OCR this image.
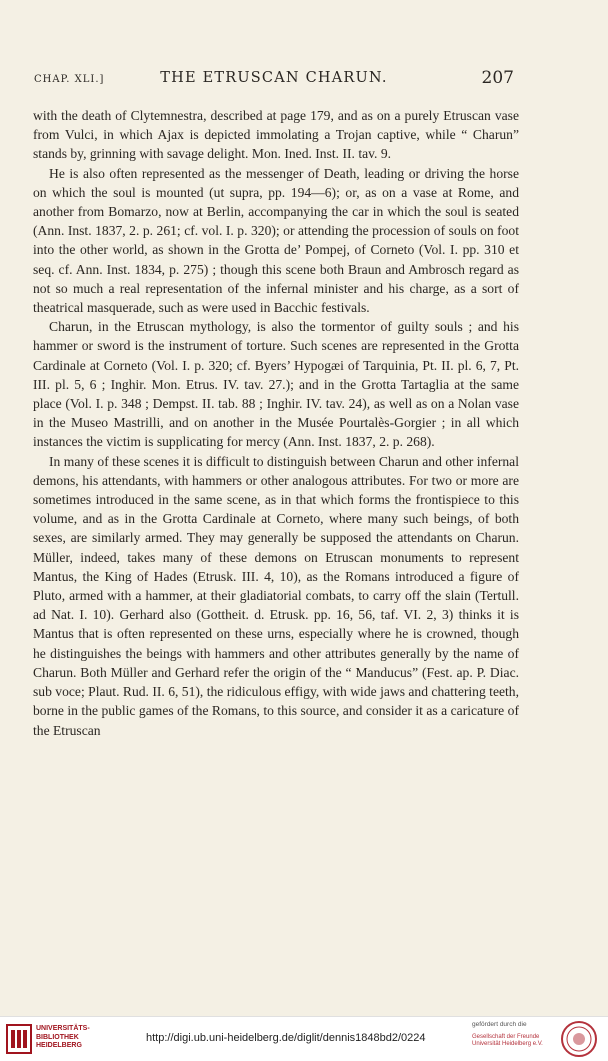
CHAP. XLI.]	THE ETRUSCAN CHARUN.	207

with the death of Clytemnestra, described at page 179, and as on a purely Etruscan vase from Vulci, in which Ajax is depicted immolating a Trojan captive, while “ Charun” stands by, grinning with savage delight. Mon. Ined. Inst. II. tav. 9.

He is also often represented as the messenger of Death, leading or driving the horse on which the soul is mounted (ut supra, pp. 194—6); or, as on a vase at Rome, and another from Bomarzo, now at Berlin, accompanying the car in which the soul is seated (Ann. Inst. 1837, 2. p. 261; cf. vol. I. p. 320); or attending the procession of souls on foot into the other world, as shown in the Grotta de’ Pompej, of Corneto (Vol. I. pp. 310 et seq. cf. Ann. Inst. 1834, p. 275) ; though this scene both Braun and Ambrosch regard as not so much a real representation of the infernal minister and his charge, as a sort of theatrical masquerade, such as were used in Bacchic festivals.

Charun, in the Etruscan mythology, is also the tormentor of guilty souls ; and his hammer or sword is the instrument of torture. Such scenes are represented in the Grotta Cardinale at Corneto (Vol. I. p. 320; cf. Byers’ Hypogæi of Tarquinia, Pt. II. pl. 6, 7, Pt. III. pl. 5, 6 ; Inghir. Mon. Etrus. IV. tav. 27.); and in the Grotta Tartaglia at the same place (Vol. I. p. 348 ; Dempst. II. tab. 88 ; Inghir. IV. tav. 24), as well as on a Nolan vase in the Museo Mastrilli, and on another in the Musée Pourtalès-Gorgier ; in all which instances the victim is supplicating for mercy (Ann. Inst. 1837, 2. p. 268).

In many of these scenes it is difficult to distinguish between Charun and other infernal demons, his attendants, with hammers or other analogous attributes. For two or more are sometimes introduced in the same scene, as in that which forms the frontispiece to this volume, and as in the Grotta Cardinale at Corneto, where many such beings, of both sexes, are similarly armed. They may generally be supposed the attendants on Charun. Müller, indeed, takes many of these demons on Etruscan monuments to represent Mantus, the King of Hades (Etrusk. III. 4, 10), as the Romans introduced a figure of Pluto, armed with a hammer, at their gladiatorial combats, to carry off the slain (Tertull. ad Nat. I. 10). Gerhard also (Gottheit. d. Etrusk. pp. 16, 56, taf. VI. 2, 3) thinks it is Mantus that is often represented on these urns, especially where he is crowned, though he distinguishes the beings with hammers and other attributes generally by the name of Charun. Both Müller and Gerhard refer the origin of the “ Manducus” (Fest. ap. P. Diac. sub voce; Plaut. Rud. II. 6, 51), the ridiculous effigy, with wide jaws and chattering teeth, borne in the public games of the Romans, to this source, and consider it as a caricature of the Etruscan

UNIVERSITÄTS-
BIBLIOTHEK
HEIDELBERG
http://digi.ub.uni-heidelberg.de/diglit/dennis1848bd2/0224
gefördert durch die
Gesellschaft der Freunde
Universität Heidelberg e.V.
